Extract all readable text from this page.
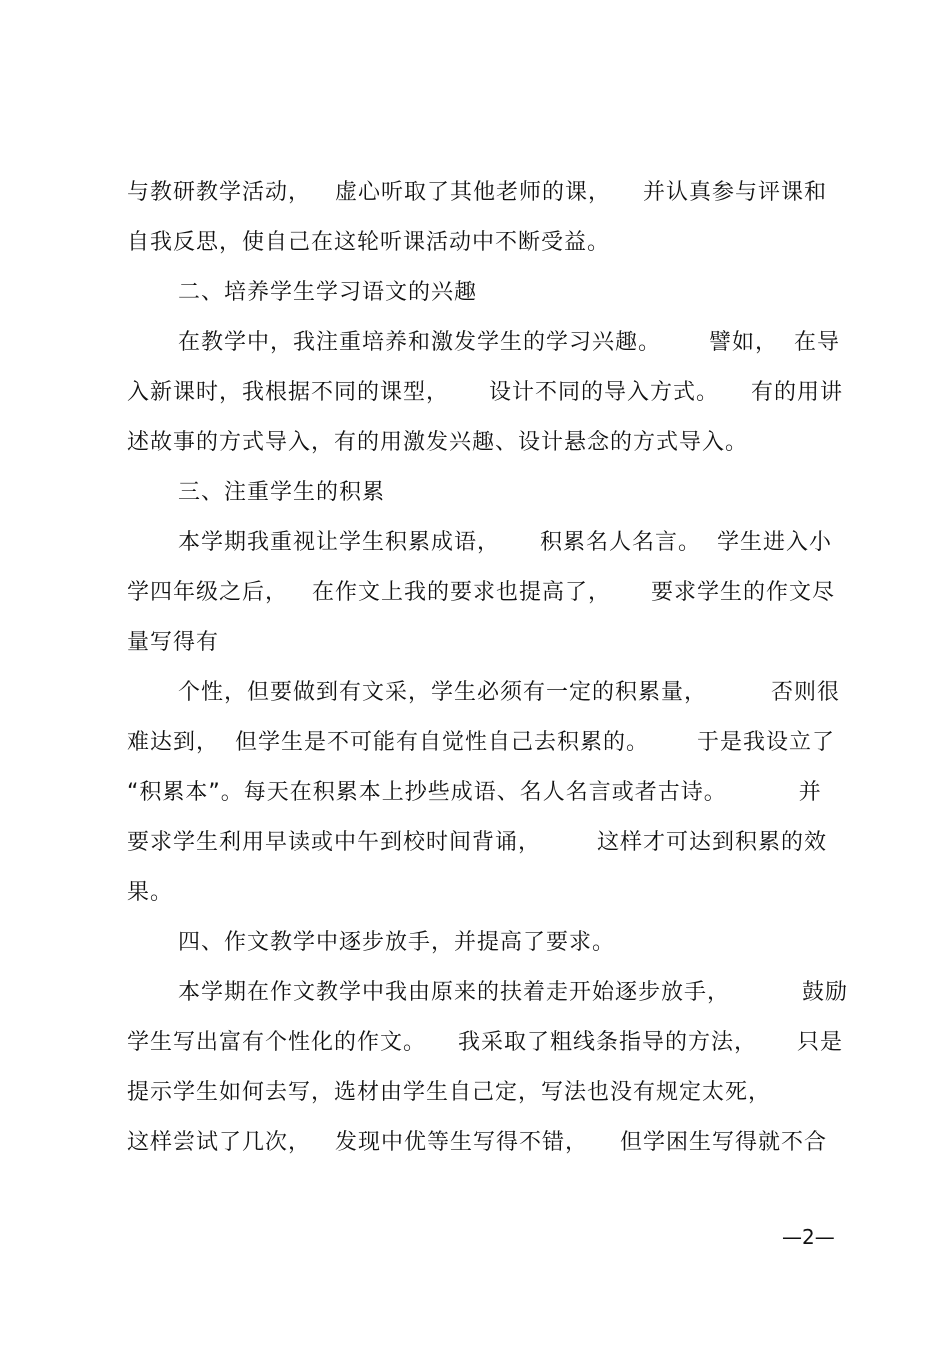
与教研教学活动，   虚心听取了其他老师的课，    并认真参与评课和
自我反思，使自己在这轮听课活动中不断受益。
二、培养学生学习语文的兴趣
在教学中，我注重培养和激发学生的学习兴趣。      譬如，  在导
入新课时，我根据不同的课型，     设计不同的导入方式。    有的用讲
述故事的方式导入，有的用激发兴趣、设计悬念的方式导入。
三、注重学生的积累
本学期我重视让学生积累成语，     积累名人名言。  学生进入小
学四年级之后，   在作文上我的要求也提高了，     要求学生的作文尽
量写得有
个性，但要做到有文采，学生必须有一定的积累量，        否则很
难达到，  但学生是不可能有自觉性自己去积累的。      于是我设立了
“积累本”。每天在积累本上抄些成语、名人名言或者古诗。         并
要求学生利用早读或中午到校时间背诵，       这样才可达到积累的效
果。
四、作文教学中逐步放手，并提高了要求。
本学期在作文教学中我由原来的扶着走开始逐步放手，         鼓励
学生写出富有个性化的作文。    我采取了粗线条指导的方法，     只是
提示学生如何去写，选材由学生自己定，写法也没有规定太死，
这样尝试了几次，   发现中优等生写得不错，    但学困生写得就不合
—2—
